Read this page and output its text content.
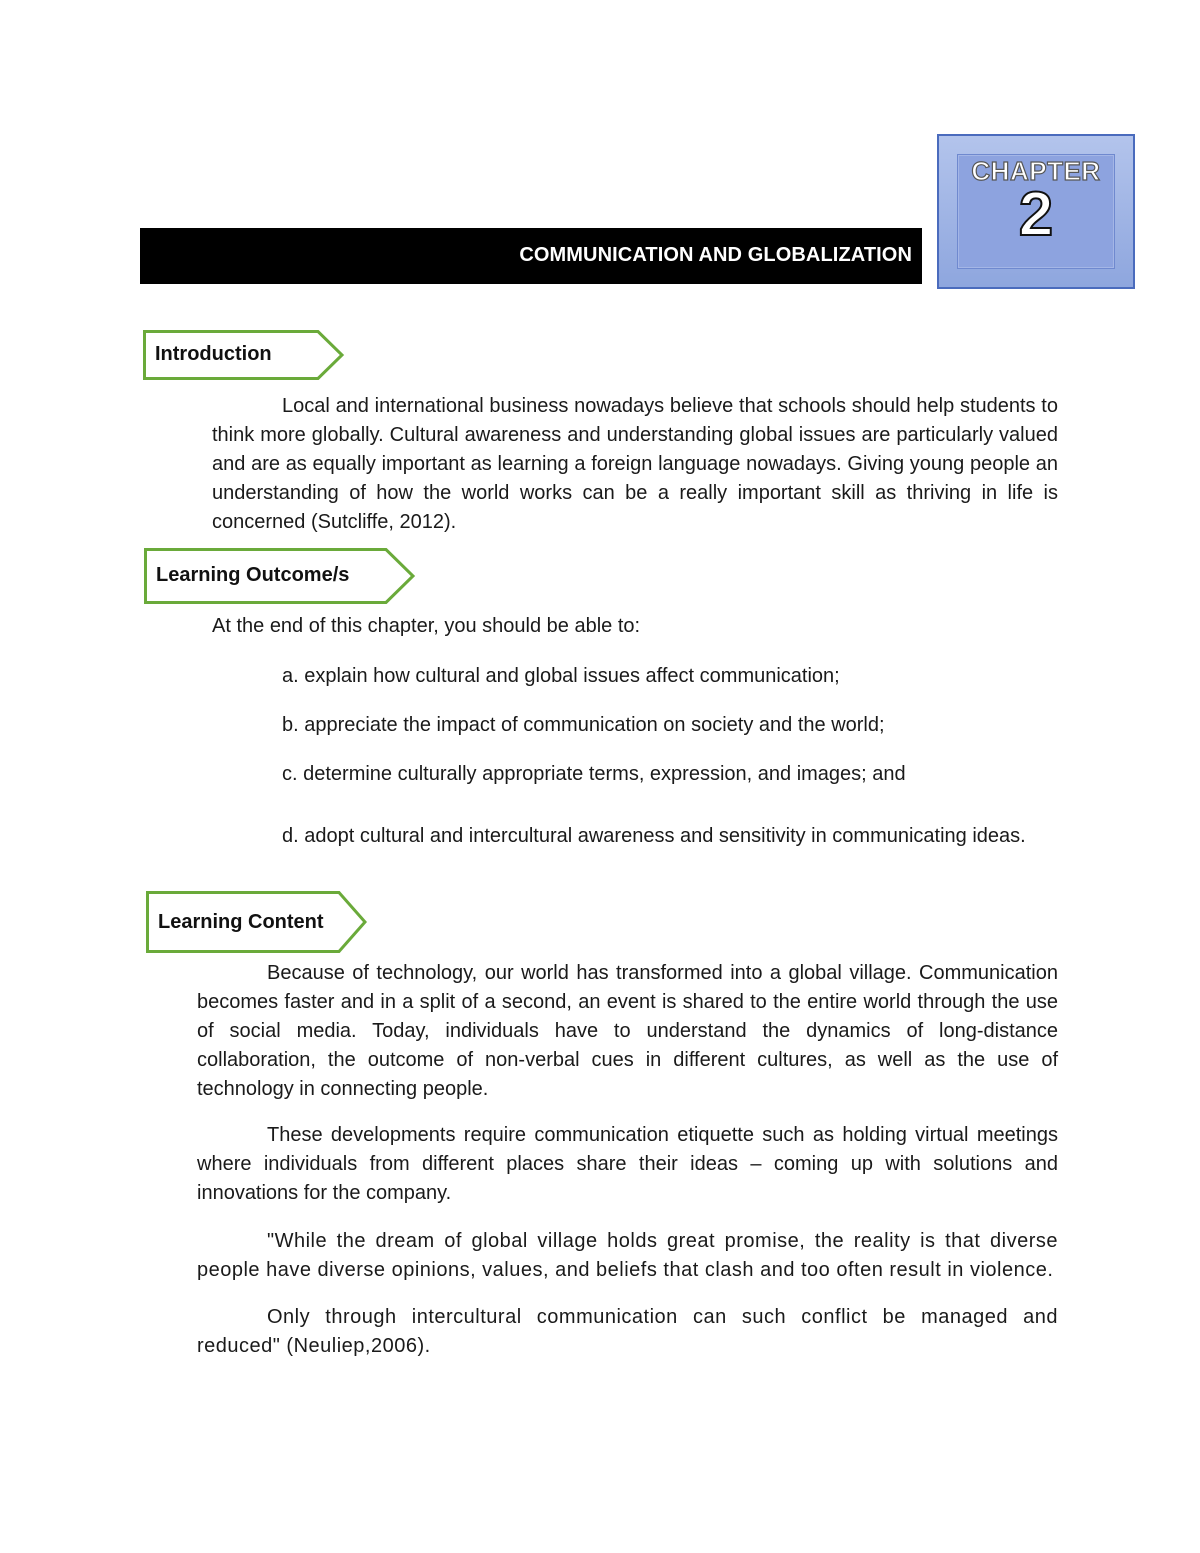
COMMUNICATION AND GLOBALIZATION
CHAPTER
2
Introduction

Local and international business nowadays believe that schools should help students to think more globally. Cultural awareness and understanding global issues are particularly valued and are as equally important as learning a foreign language nowadays. Giving young people an understanding of how the world works can be a really important skill as thriving in life is concerned (Sutcliffe, 2012).

Learning Outcome/s

At the end of this chapter, you should be able to:

a. explain how cultural and global issues affect communication;

b. appreciate the impact of communication on society and the world;

c. determine culturally appropriate terms, expression, and images; and

d. adopt cultural and intercultural awareness and sensitivity in communicating ideas.

Learning Content

Because of technology, our world has transformed into a global village. Communication becomes faster and in a split of a second, an event is shared to the entire world through the use of social media. Today, individuals have to understand the dynamics of long-distance collaboration, the outcome of non-verbal cues in different cultures, as well as the use of technology in connecting people.

These developments require communication etiquette such as holding virtual meetings where individuals from different places share their ideas – coming up with solutions and innovations for the company.

"While the dream of global village holds great promise, the reality is that diverse people have diverse opinions, values, and beliefs that clash and too often result in violence.

Only through intercultural communication can such conflict be managed and reduced" (Neuliep,2006).
